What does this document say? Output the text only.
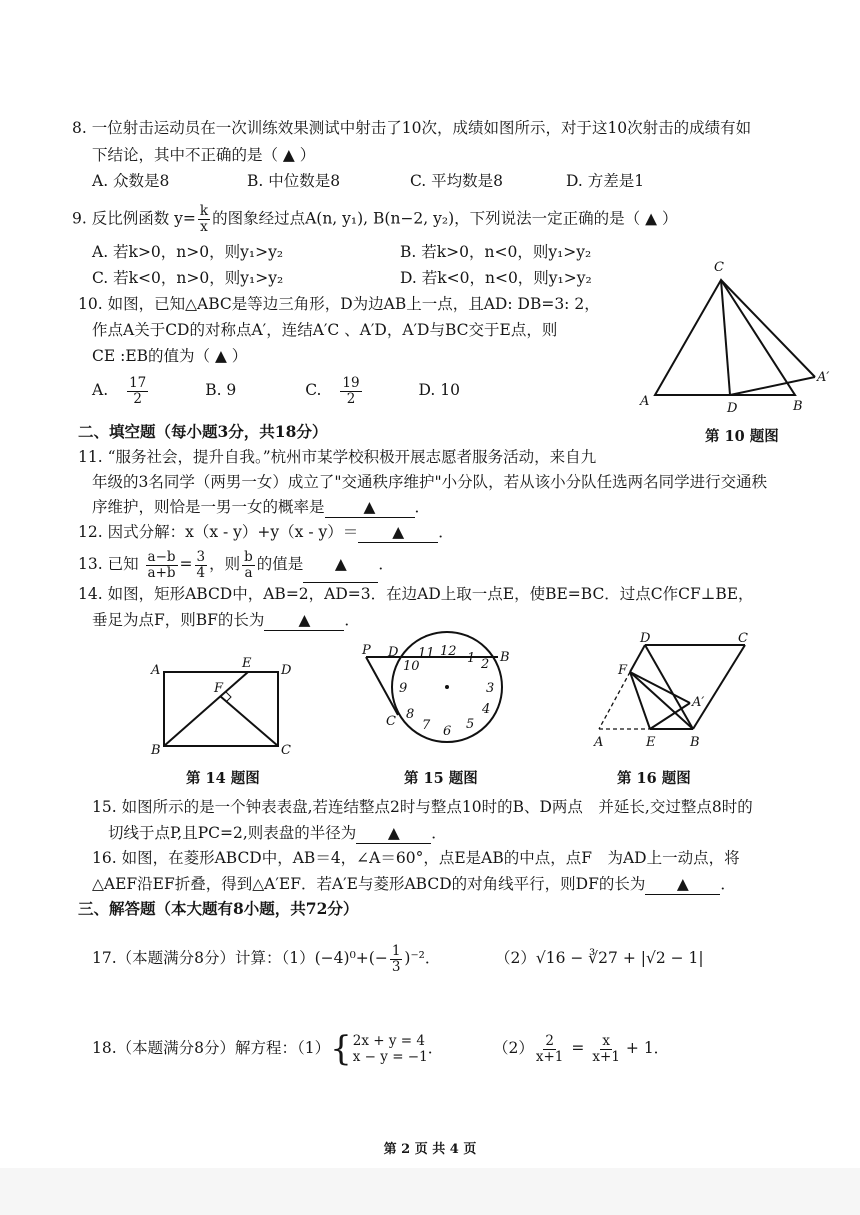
8. 一位射击运动员在一次训练效果测试中射击了10次，成绩如图所示，对于这10次射击的成绩有如
下结论，其中不正确的是（ ▲ ）
A. 众数是8	B. 中位数是8	C. 平均数是8	D. 方差是1
9. 反比例函数 $y= \frac{k}{x}$ 的图象经过点A(n, y₁), B(n−2, y₂)，下列说法一定正确的是（ ▲ ）
A. 若k>0，n>0，则y₁>y₂	B. 若k>0，n<0，则y₁>y₂
C. 若k<0，n>0，则y₁>y₂	D. 若k<0，n<0，则y₁>y₂
10. 如图，已知△ABC是等边三角形，D为边AB上一点，且AD: DB=3: 2，
作点A关于CD的对称点A′，连结A′C 、A′D，A′D与BC交于E点，则
CE :EB的值为（ ▲ ）
A. $\frac{17}{2}$	B. 9	C. $\frac{19}{2}$	D. 10
C
A	D	B
A′
第 10 题图
二、填空题（每小题3分，共18分）
11. “服务社会，提升自我。”杭州市某学校积极开展志愿者服务活动，来自九
年级的3名同学（两男一女）成立了"交通秩序维护"小分队，若从该小分队任选两名同学进行交通秩
序维护，则恰是一男一女的概率是	▲	．
12. 因式分解：x（x - y）+y（x - y）＝ ▲ ．
13. 已知 $\frac{a-b}{a+b} = \frac{3}{4}$ ，则 $\frac{b}{a}$ 的值是 ▲ ．
14. 如图，矩形ABCD中，AB=2，AD=3．在边AD上取一点E，使BE=BC．过点C作CF⊥BE，
垂足为点F，则BF的长为 ▲ ．
A	E D
F
B	C
第 14 题图
12 1 2
3
4
5
6
7
8
9
10
11
P D	B
C
第 15 题图
D	C
F
A′
A	E	B
第 16 题图
15. 如图所示的是一个钟表表盘,若连结整点2时与整点10时的B、D两点　并延长,交过整点8时的
切线于点P,且PC=2,则表盘的半径为 ▲ ．
16. 如图，在菱形ABCD中，AB＝4，∠A＝60°，点E是AB的中点，点F　为AD上一动点，将
△AEF沿EF折叠，得到△A′EF．若A′E与菱形ABCD的对角线平行，则DF的长为 ▲ ．
三、解答题（本大题有8小题，共72分）
17.（本题满分8分）计算：$(1)(-4)^0+(- \frac{1}{3} )^{-2}$．	（2）√16 − ∛27 + |√2 − 1|
18.（本题满分8分）解方程：（1） { 2x + y = 4
x − y = −1 ．	$(2) \frac{2}{x+1} = \frac{x}{x+1} + 1$．
第 2 页 共 4 页
